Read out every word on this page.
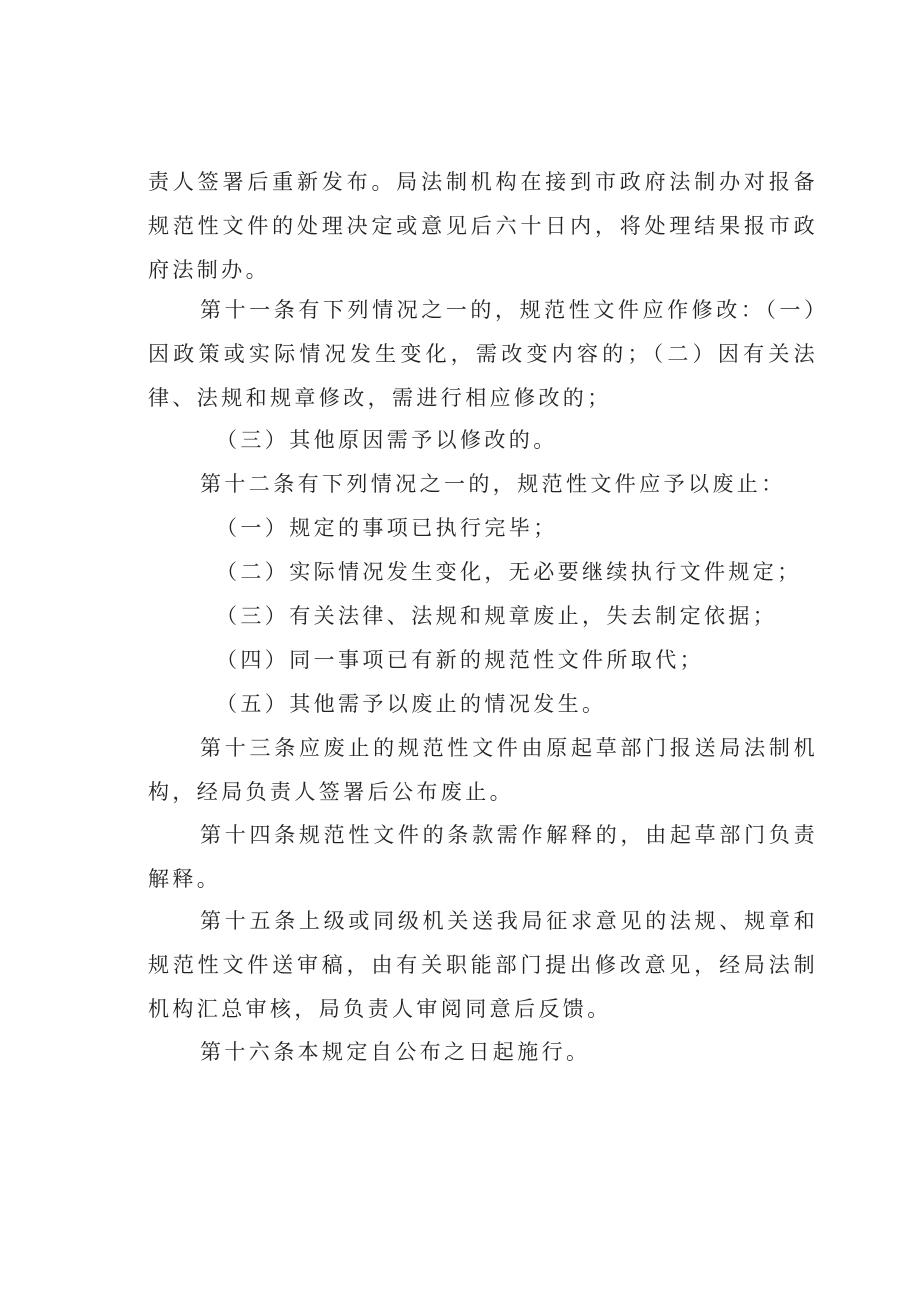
责人签署后重新发布。局法制机构在接到市政府法制办对报备规范性文件的处理决定或意见后六十日内，将处理结果报市政府法制办。

第十一条有下列情况之一的，规范性文件应作修改：（一）因政策或实际情况发生变化，需改变内容的；（二）因有关法律、法规和规章修改，需进行相应修改的；

（三）其他原因需予以修改的。

第十二条有下列情况之一的，规范性文件应予以废止：

（一）规定的事项已执行完毕；

（二）实际情况发生变化，无必要继续执行文件规定；

（三）有关法律、法规和规章废止，失去制定依据；

（四）同一事项已有新的规范性文件所取代；

（五）其他需予以废止的情况发生。

第十三条应废止的规范性文件由原起草部门报送局法制机构，经局负责人签署后公布废止。

第十四条规范性文件的条款需作解释的，由起草部门负责解释。

第十五条上级或同级机关送我局征求意见的法规、规章和规范性文件送审稿，由有关职能部门提出修改意见，经局法制机构汇总审核，局负责人审阅同意后反馈。

第十六条本规定自公布之日起施行。
